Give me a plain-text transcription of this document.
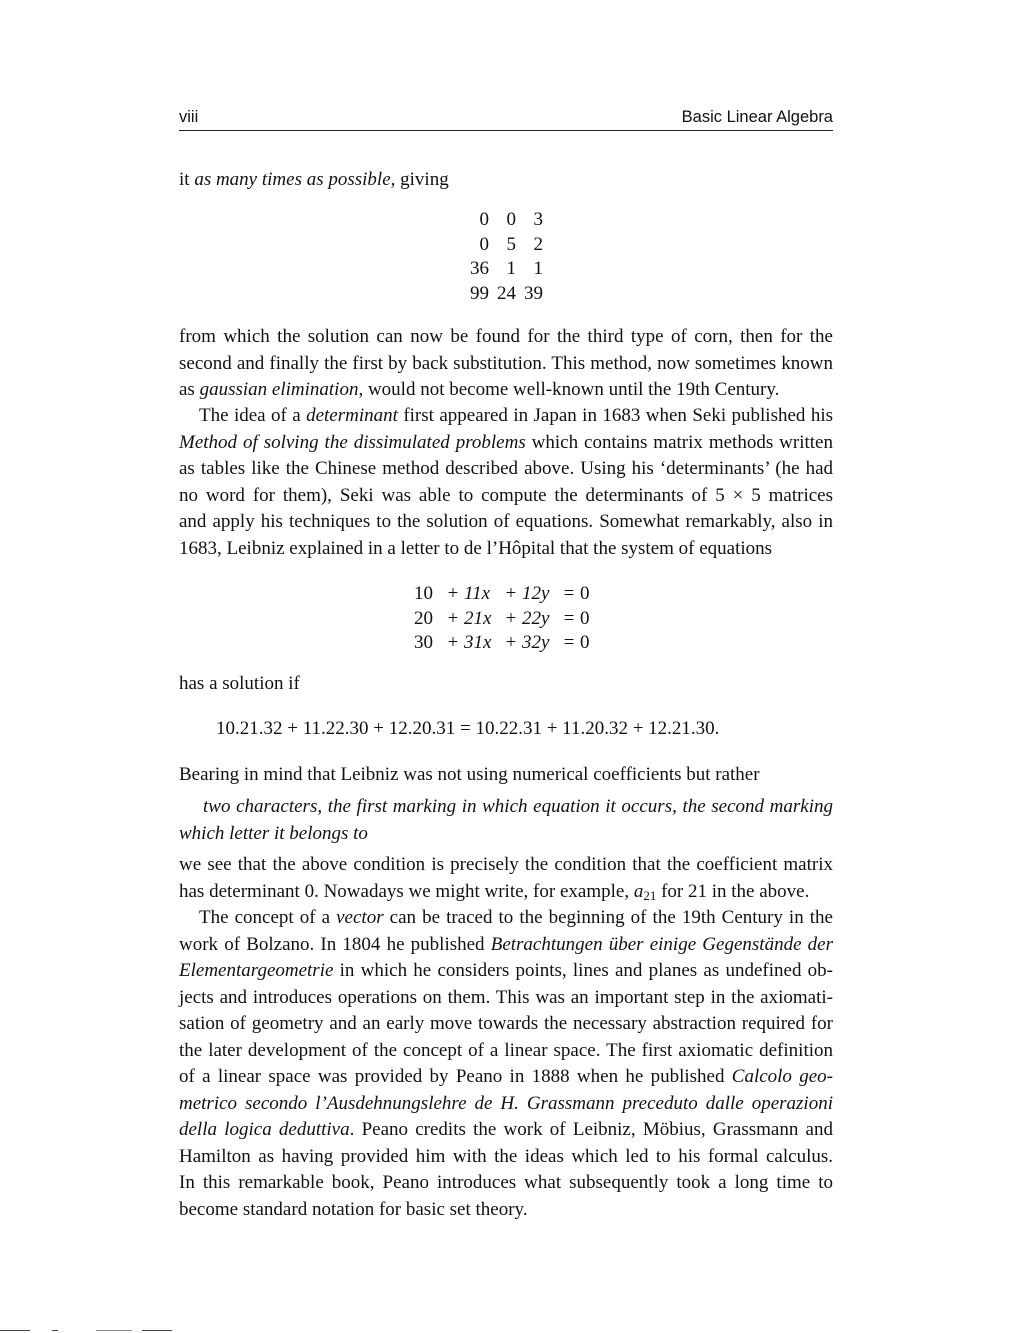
viii	Basic Linear Algebra
it as many times as possible, giving
0	0	3
0	5	2
36	1	1
99	24	39
from which the solution can now be found for the third type of corn, then for the
second and finally the first by back substitution. This method, now sometimes known
as gaussian elimination, would not become well-known until the 19th Century.
The idea of a determinant first appeared in Japan in 1683 when Seki published his
Method of solving the dissimulated problems which contains matrix methods written
as tables like the Chinese method described above. Using his ‘determinants’ (he had
no word for them), Seki was able to compute the determinants of 5 × 5 matrices
and apply his techniques to the solution of equations. Somewhat remarkably, also in
1683, Leibniz explained in a letter to de l’Hôpital that the system of equations
10	+	11x	+	12y	=	0
20	+	21x	+	22y	=	0
30	+	31x	+	32y	=	0
has a solution if
10.21.32 + 11.22.30 + 12.20.31 = 10.22.31 + 11.20.32 + 12.21.30.
Bearing in mind that Leibniz was not using numerical coefficients but rather
two characters, the first marking in which equation it occurs, the second marking
which letter it belongs to
we see that the above condition is precisely the condition that the coefficient matrix
has determinant 0. Nowadays we might write, for example, $a_{21}$ for 21 in the above.
The concept of a vector can be traced to the beginning of the 19th Century in the
work of Bolzano. In 1804 he published Betrachtungen über einige Gegenstände der
Elementargeometrie in which he considers points, lines and planes as undefined ob-
jects and introduces operations on them. This was an important step in the axiomati-
sation of geometry and an early move towards the necessary abstraction required for
the later development of the concept of a linear space. The first axiomatic definition
of a linear space was provided by Peano in 1888 when he published Calcolo geo-
metrico secondo l’Ausdehnungslehre de H. Grassmann preceduto dalle operazioni
della logica deduttiva. Peano credits the work of Leibniz, Möbius, Grassmann and
Hamilton as having provided him with the ideas which led to his formal calculus.
In this remarkable book, Peano introduces what subsequently took a long time to
become standard notation for basic set theory.
